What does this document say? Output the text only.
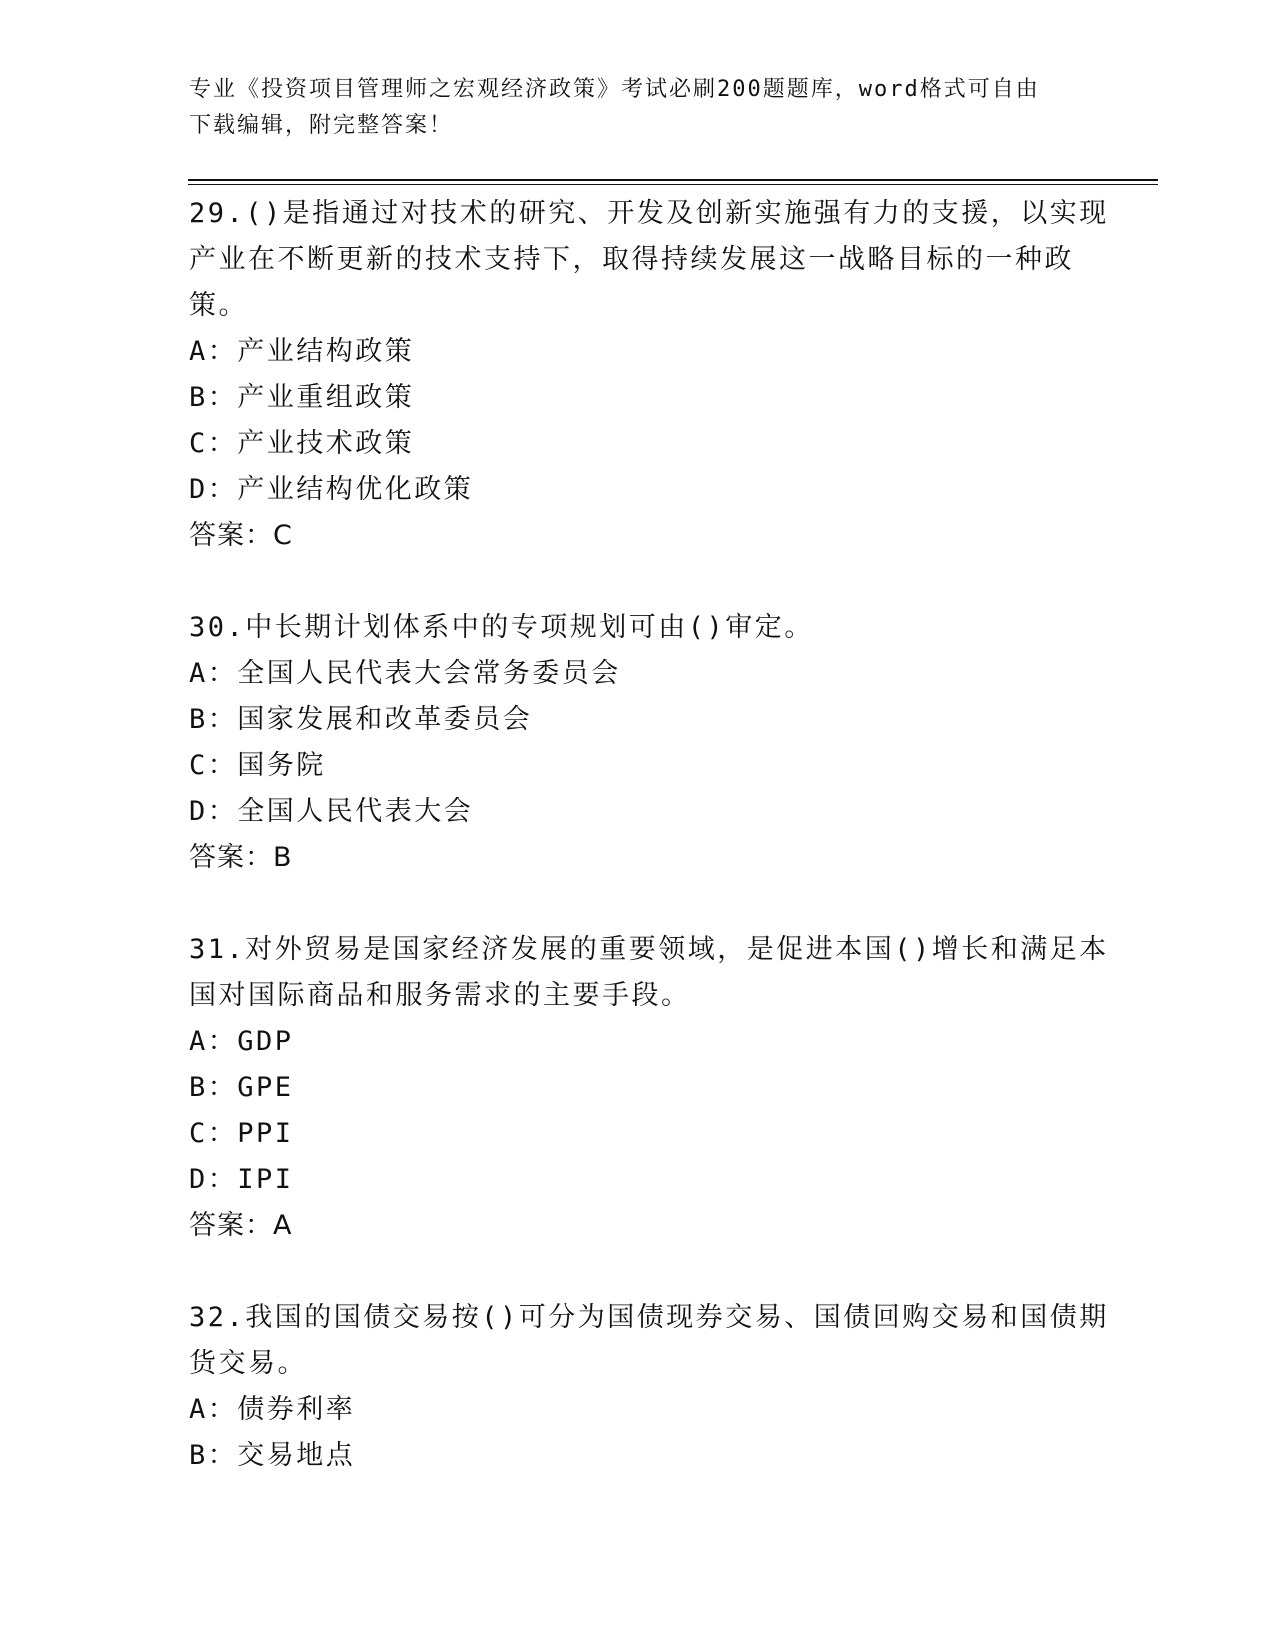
专业《投资项目管理师之宏观经济政策》考试必刷200题题库，word格式可自由
下载编辑，附完整答案！
29.()是指通过对技术的研究、开发及创新实施强有力的支援，以实现
产业在不断更新的技术支持下，取得持续发展这一战略目标的一种政
策。
A：产业结构政策
B：产业重组政策
C：产业技术政策
D：产业结构优化政策
答案：C
30.中长期计划体系中的专项规划可由()审定。
A：全国人民代表大会常务委员会
B：国家发展和改革委员会
C：国务院
D：全国人民代表大会
答案：B
31.对外贸易是国家经济发展的重要领域，是促进本国()增长和满足本
国对国际商品和服务需求的主要手段。
A：GDP
B：GPE
C：PPI
D：IPI
答案：A
32.我国的国债交易按()可分为国债现券交易、国债回购交易和国债期
货交易。
A：债券利率
B：交易地点
